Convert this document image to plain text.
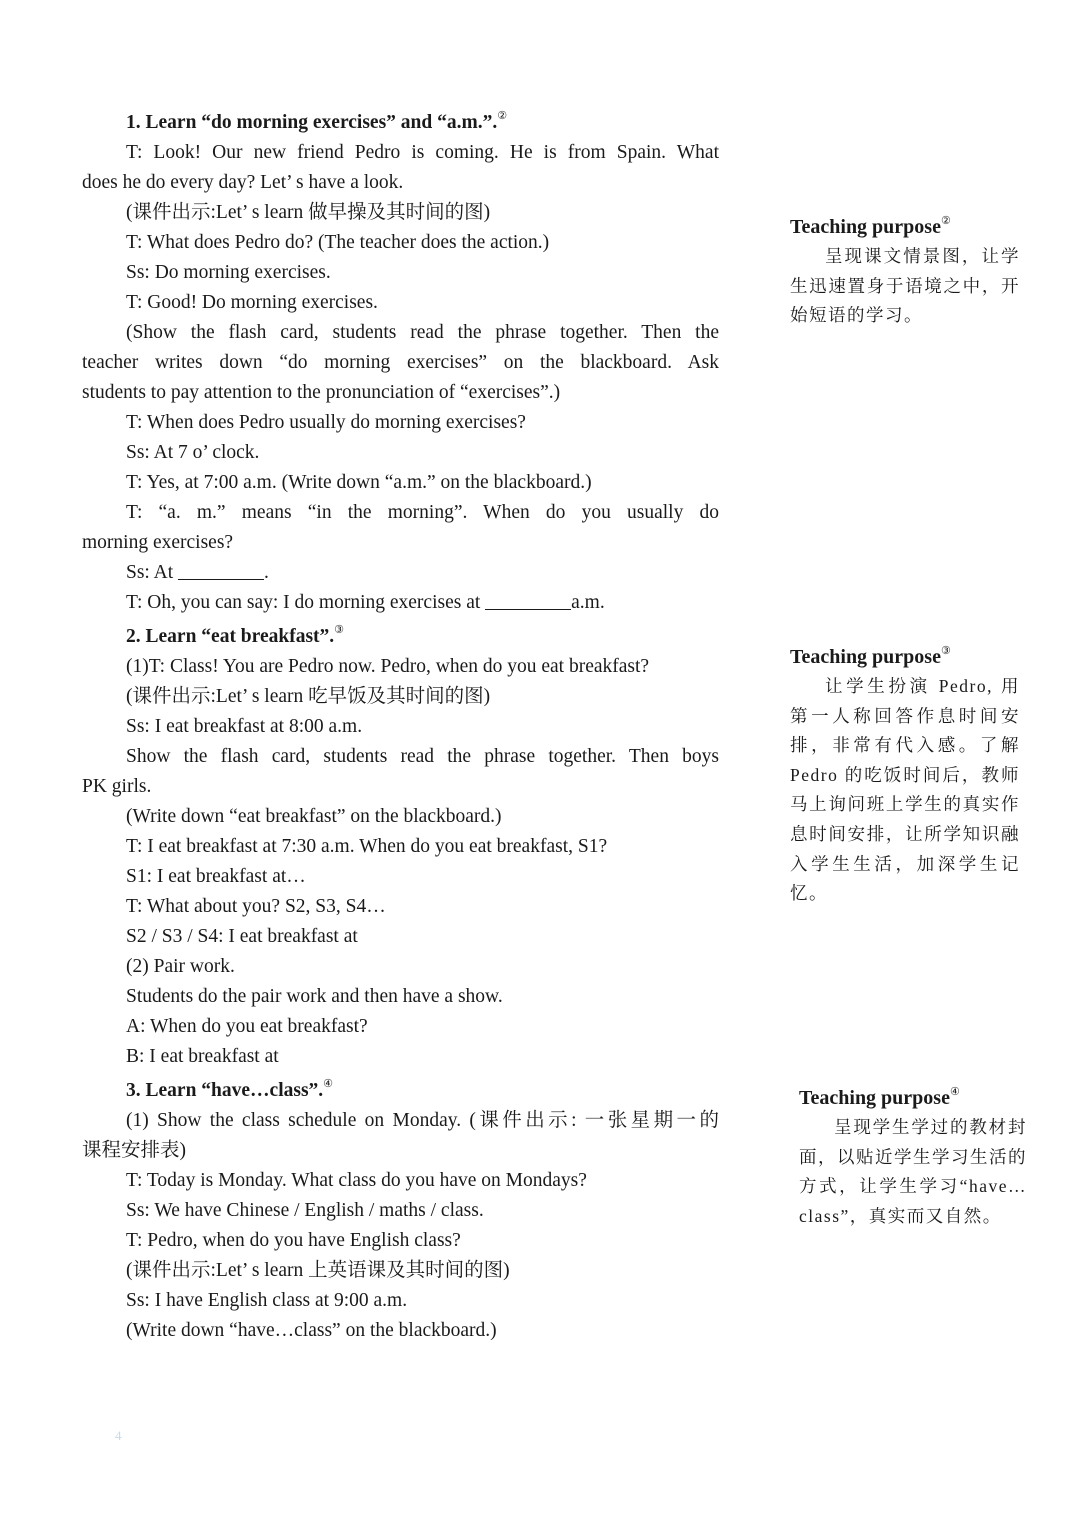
1. Learn “do morning exercises” and “a.m.”.②
T: Look! Our new friend Pedro is coming. He is from Spain. What
does he do every day? Let’ s have a look.
(课件出示:Let’ s learn 做早操及其时间的图)
T: What does Pedro do? (The teacher does the action.)
Ss: Do morning exercises.
T: Good! Do morning exercises.
(Show the flash card, students read the phrase together. Then the
teacher writes down “do morning exercises” on the blackboard. Ask
students to pay attention to the pronunciation of “exercises”.)
T: When does Pedro usually do morning exercises?
Ss: At 7 o’ clock.
T: Yes, at 7:00 a.m. (Write down “a.m.” on the blackboard.)
T: “a. m.” means “in the morning”. When do you usually do
morning exercises?
Ss: At	.
T: Oh, you can say: I do morning exercises at	a.m.
2. Learn “eat breakfast”.③
(1)T: Class! You are Pedro now. Pedro, when do you eat breakfast?
(课件出示:Let’ s learn 吃早饭及其时间的图)
Ss: I eat breakfast at 8:00 a.m.
Show the flash card, students read the phrase together. Then boys
PK girls.
(Write down “eat breakfast” on the blackboard.)
T: I eat breakfast at 7:30 a.m. When do you eat breakfast, S1?
S1: I eat breakfast at…
T: What about you? S2, S3, S4…
S2 / S3 / S4: I eat breakfast at
(2) Pair work.
Students do the pair work and then have a show.
A: When do you eat breakfast?
B: I eat breakfast at
3. Learn “have…class”.④
(1) Show the class schedule on Monday. (课件出示: 一张星期一的
课程安排表)
T: Today is Monday. What class do you have on Mondays?
Ss: We have Chinese / English / maths / class.
T: Pedro, when do you have English class?
(课件出示:Let’ s learn 上英语课及其时间的图)
Ss: I have English class at 9:00 a.m.
(Write down “have…class” on the blackboard.)
Teaching purpose②
呈现课文情景图，让学生迅速置身于语境之中，开始短语的学习。
Teaching purpose③
让学生扮演 Pedro, 用第一人称回答作息时间安排，非常有代入感。了解 Pedro 的吃饭时间后，教师马上询问班上学生的真实作息时间安排，让所学知识融入学生生活，加深学生记忆。
Teaching purpose④
呈现学生学过的教材封面，以贴近学生学习生活的方式，让学生学习“have…class”，真实而又自然。
4
